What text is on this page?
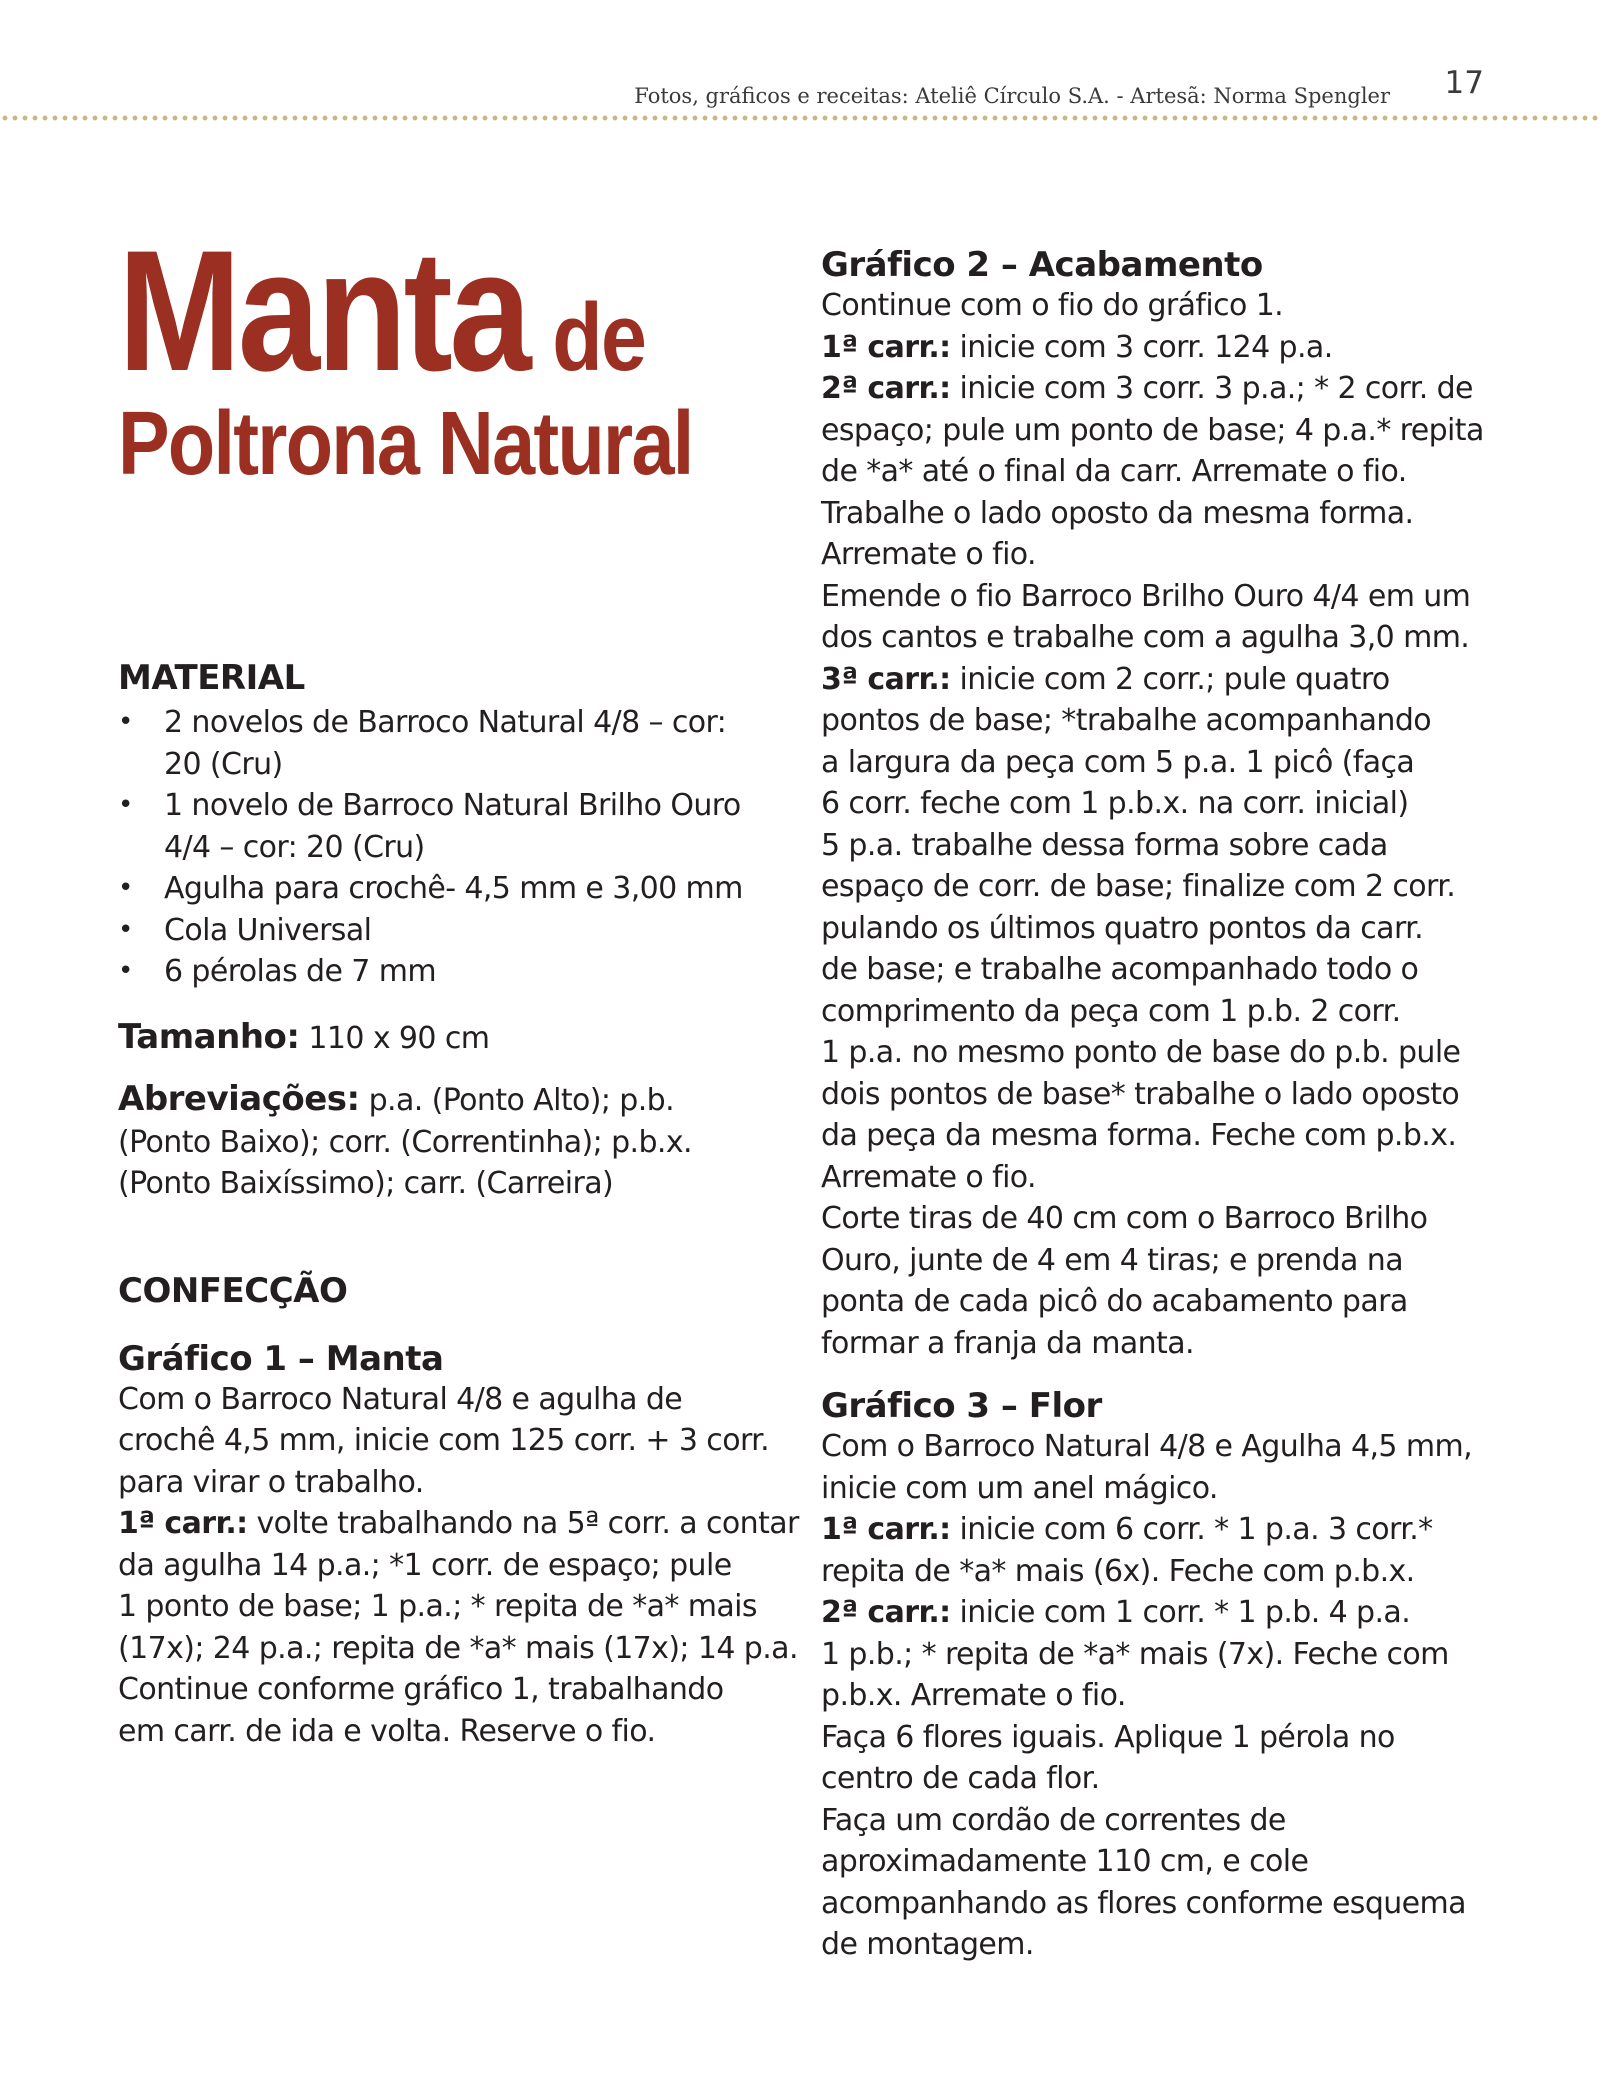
Fotos, gráficos e receitas: Ateliê Círculo S.A. - Artesã: Norma Spengler 17
Manta de
Poltrona Natural
MATERIAL
• 2 novelos de Barroco Natural 4/8 – cor:
20 (Cru)
• 1 novelo de Barroco Natural Brilho Ouro
4/4 – cor: 20 (Cru)
• Agulha para crochê- 4,5 mm e 3,00 mm
• Cola Universal
• 6 pérolas de 7 mm
Tamanho: 110 x 90 cm
Abreviações: p.a. (Ponto Alto); p.b.
(Ponto Baixo); corr. (Correntinha); p.b.x.
(Ponto Baixíssimo); carr. (Carreira)
CONFECÇÃO
Gráfico 1 – Manta
Com o Barroco Natural 4/8 e agulha de
crochê 4,5 mm, inicie com 125 corr. + 3 corr.
para virar o trabalho.
1ª carr.: volte trabalhando na 5ª corr. a contar
da agulha 14 p.a.; *1 corr. de espaço; pule
1 ponto de base; 1 p.a.; * repita de *a* mais
(17x); 24 p.a.; repita de *a* mais (17x); 14 p.a.
Continue conforme gráfico 1, trabalhando
em carr. de ida e volta. Reserve o fio.
Gráfico 2 – Acabamento
Continue com o fio do gráfico 1.
1ª carr.: inicie com 3 corr. 124 p.a.
2ª carr.: inicie com 3 corr. 3 p.a.; * 2 corr. de
espaço; pule um ponto de base; 4 p.a.* repita
de *a* até o final da carr. Arremate o fio.
Trabalhe o lado oposto da mesma forma.
Arremate o fio.
Emende o fio Barroco Brilho Ouro 4/4 em um
dos cantos e trabalhe com a agulha 3,0 mm.
3ª carr.: inicie com 2 corr.; pule quatro
pontos de base; *trabalhe acompanhando
a largura da peça com 5 p.a. 1 picô (faça
6 corr. feche com 1 p.b.x. na corr. inicial)
5 p.a. trabalhe dessa forma sobre cada
espaço de corr. de base; finalize com 2 corr.
pulando os últimos quatro pontos da carr.
de base; e trabalhe acompanhado todo o
comprimento da peça com 1 p.b. 2 corr.
1 p.a. no mesmo ponto de base do p.b. pule
dois pontos de base* trabalhe o lado oposto
da peça da mesma forma. Feche com p.b.x.
Arremate o fio.
Corte tiras de 40 cm com o Barroco Brilho
Ouro, junte de 4 em 4 tiras; e prenda na
ponta de cada picô do acabamento para
formar a franja da manta.
Gráfico 3 – Flor
Com o Barroco Natural 4/8 e Agulha 4,5 mm,
inicie com um anel mágico.
1ª carr.: inicie com 6 corr. * 1 p.a. 3 corr.*
repita de *a* mais (6x). Feche com p.b.x.
2ª carr.: inicie com 1 corr. * 1 p.b. 4 p.a.
1 p.b.; * repita de *a* mais (7x). Feche com
p.b.x. Arremate o fio.
Faça 6 flores iguais. Aplique 1 pérola no
centro de cada flor.
Faça um cordão de correntes de
aproximadamente 110 cm, e cole
acompanhando as flores conforme esquema
de montagem.
